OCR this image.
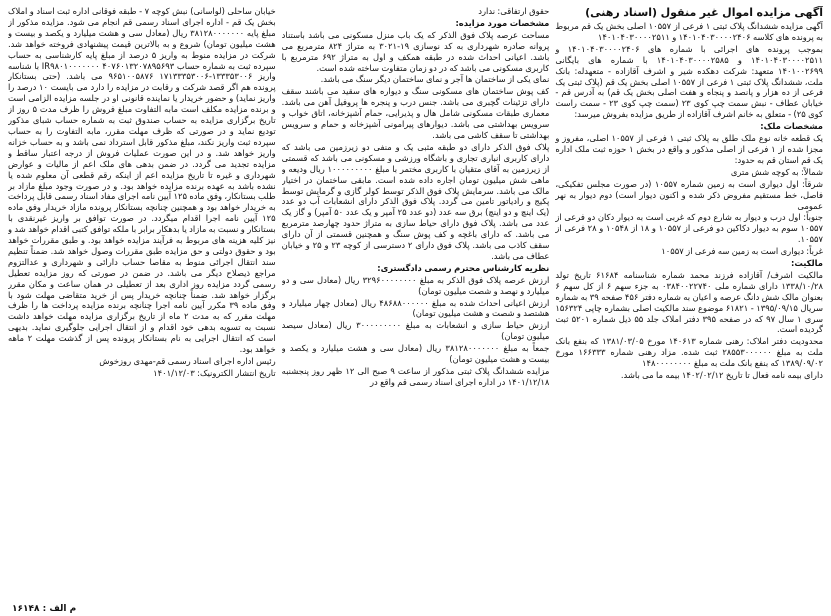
آگهی مزایده اموال غیر منقول (اسناد رهنی)

آگهی مزایده ششدانگ پلاک ثبتی ۱ فرعی از ۱۰۵۵۷ اصلی بخش یک قم مربوط به پرونده های کلاسه ۱۴۰۱۰۴۰۳۰۰۰۰۲۴۰۶ و ۱۴۰۱۰۴۰۳۰۰۰۰۲۵۱۱

بموجب پرونده های اجرائی با شماره های ۱۴۰۱۰۴۰۳۰۰۰۰۲۴۰۶ و ۱۴۰۱۰۴۰۳۰۰۰۰۲۵۱۱ و ۱۴۰۱۰۴۰۳۰۰۰۰۲۵۸۵ با شماره های بایگانی ۱۴۰۱۰۰۲۶۹۹ متعهد: شرکت دهکده شیر و اشرف آقازاده - متعهدله: بانک ملت، ششدانگ پلاک ثبتی ۱ فرعی از ۱۰۵۵۷ اصلی بخش یک قم (پلاک ثبتی یک فرعی از ده هزار و پانصد و پنجاه و هفت اصلی بخش یک قم) به آدرس قم - خیابان عطاف - نبش سمت چپ کوی ۲۳ (سمت چپ کوی ۲۳ - سمت راست کوی ۲۵) - متعلق به خانم اشرف آقازاده از طریق مزایده بفروش میرسد:

مشخصات ملک:

یک قطعه خانه نوع ملک طلق به پلاک ثبتی ۱ فرعی از ۱۰۵۵۷ اصلی، مفروز و مجزا شده از ۱ فرعی از اصلی مذکور و واقع در بخش ۱ حوزه ثبت ملک اداره یک قم استان قم به حدود:

شمالاً: به کوچه شش متری

شرقاً: اول دیواری است به زمین شماره ۱۰۵۵۷ (در صورت مجلس تفکیکی، فاصل، خط مستقیم مفروض ذکر شده و اکنون دیوار است) دوم دیوار به نهر عمومی

جنوباً: اول درب و دیوار به شارع دوم که غربی است به دیوار دکان دو فرعی از ۱۰۵۵۷ سوم به دیوار دکاکین دو فرعی از ۱۰۵۵۷ و ۱۸ از ۱۰۵۴۸ و ۲۸ فرعی از ۱۰۵۵۷.

غرباً: دیواری است به زمین سه فرعی از ۱۰۵۵۷

مالکیت:

مالکیت اشرف/ آقازاده فرزند محمد شماره شناسنامه ۶۱۶۸۴ تاریخ تولد ۱۳۳۸/۱۰/۲۸ دارای شماره ملی ۰۳۸۴۰۰۲۲۷۴۰ به جزء سهم ۶ از کل سهم ۶ بعنوان مالک شش دانگ عرصه و اعیان به شماره دفتر ۴۵۶ صفحه ۳۹ به شماره سریال ۱۳۹۵/۰۹/۱۵ - ۶۱۸۲۱ موضوع سند مالکیت اصلی بشماره چاپی ۱۵۶۳۲۴ سری ۱ سال ۹۷ که در صفحه ۳۹۵ دفتر املاک جلد ۵۵ ذیل شماره ۵۲۰۱ ثبت گردیده است.

محدودیت دفتر املاک: رهنی شماره ۱۴۰۶۱۳ مورخ ۱۳۸۱/۰۳/۰۵ که بنفع بانک ملت به مبلغ ۲۸۵۵۳۰۰۰۰۰۰ ثبت شده. مزاد رهنی شماره ۱۶۶۳۳۳ مورخ ۱۳۸۹/۰۹/۰۲ که بنفع بانک ملت به مبلغ ۱۴۸۰۰۰۰۰۰۰۰

دارای بیمه نامه فعال تا تاریخ ۱۴۰۲/۰۲/۱۲ بیمه ما می باشد.

حقوق ارتفاقی: ندارد

مشخصات مورد مزایده:

مساحت عرصه پلاک فوق الذکر که یک باب منزل مسکونی می باشد باستناد پروانه صادره شهرداری به کد نوسازی ۱۹-۳۰۲۱ به متراژ ۸۲۴ مترمربع می باشد. اعیانی احداث شده در طبقه همکف و اول به متراژ ۶۹۲ مترمربع با کاربری مسکونی می باشد که در دو زمان متفاوت ساخته شده است.

نمای یکی از ساختمان ها آجر و نمای ساختمان دیگر سنگ می باشد.

کف پوش ساختمان های مسکونی سنگ و دیواره های سقید می باشند سقف دارای تزئینات گچبری می باشد. جنس درب و پنجره ها پروفیل آهن می باشد. معماری طبقات مسکونی شامل هال و پذیرایی، حمام آشپزخانه، اتاق خواب و سرویس بهداشتی می باشد. دیوارهای پیرامونی آشپزخانه و حمام و سرویس بهداشتی تا سقف کاشی می باشد.

پلاک فوق الذکر دارای دو طبقه مثبی یک و منفی دو زیرزمین می باشد که دارای کاربری انباری تجاری و باشگاه ورزشی و مسکونی می باشد که قسمتی از زیرزمین به آقای متقیان با کاربری مختمر با مبلغ ۱۰۰۰۰۰۰۰۰۰ ریال ودیعه و ماهی شش میلیون تومان اجاره داده شده است. مابقی ساختمان در اختیار مالک می باشد. سرمایش پلاک فوق الذکر توسط کولر گازی و گرمایش توسط پکیج و رادیاتور تامین می گردد. پلاک فوق الذکر دارای انشعابات آب دو عدد (یک اینچ و دو اینچ) برق سه عدد (دو عدد ۲۵ آمپر و یک عدد ۵۰ آمپر) و گاز یک عدد می باشد. پلاک فوق دارای حیاط سازی به متراژ حدود چهارصد مترمربع می باشد. که دارای باغچه و کف پوش سنگ و همچنین قسمتی از آن دارای سقف کاذب می باشد. پلاک فوق دارای ۲ دسترسی از کوچه ۲۳ و ۲۵ و خیابان عطاف می باشد.

نظریه کارشناس محترم رسمی دادگستری:

ارزش عرصه پلاک فوق الذکر به مبلغ ۳۲۹۶۰۰۰۰۰۰۰۰ ریال (معادل سی و دو میلیارد و نهصد و شصت میلیون تومان)

ارزش اعیانی احداث شده به مبلغ ۴۸۶۸۸۰۰۰۰۰۰ ریال (معادل چهار میلیارد و هشتصد و شصت و هشت میلیون تومان)

ارزش حیاط سازی و انشعابات به مبلغ ۳۰۰۰۰۰۰۰۰۰ ریال (معادل سیصد میلیون تومان)

جمعاً به مبلغ ۳۸۱۲۸۰۰۰۰۰۰۰ ریال (معادل سی و هشت میلیارد و یکصد و بیست و هشت میلیون تومان)

مزایده ششدانگ پلاک ثبتی مذکور از ساعت ۹ صبح الی ۱۲ ظهر روز پنجشنبه ۱۴۰۱/۱۲/۱۸ در اداره اجرای اسناد رسمی قم واقع در

خیابان ساحلی (لواسانی) نبش کوچه ۷ - طبقه فوقانی اداره ثبت اسناد و املاک بخش یک قم - اداره اجرای اسناد رسمی قم انجام می شود. مزایده مذکور از مبلغ پایه ۳۸۱۲۸۰۰۰۰۰۰۰ ریال (معادل سی و هشت میلیارد و یکصد و بیست و هشت میلیون تومان) شروع و به بالاترین قیمت پیشنهادی فروخته خواهد شد. شرکت در مزایده منوط به واریز ۵ درصد از مبلغ پایه کارشناسی به حساب سپرده ثبت به شماره حساب ۴۰۷۶۰۱۳۲۰۷۸۹۵۶۹۳ IR۹۸۰۱۰۰۰۰۰۰۰ با شناسه واریز ۱۳۳۳۵۳۰۰۶-۱۷۱۳۳۳۵۳۰۰۶ ۹۶۵۱۰۰۵۸۷۶ می باشد. (حتی بستانکار پرونده هم اگر قصد شرکت و رقابت در مزایده را دارد می بایست ۱۰ درصد را واریز نماید) و حضور خریدار یا نماینده قانونی او در جلسه مزایده الزامی است و برنده مزایده مکلف است مابه التفاوت مبلغ فروش را ظرف مدت ۵ روز از تاریخ برگزاری مزایده به حساب صندوق ثبت به شماره حساب شبای مذکور تودیع نماید و در صورتی که ظرف مهلت مقرر، مابه التفاوت را به حساب سپرده ثبت واریز نکند، مبلغ مذکور قابل استرداد نمی باشد و به حساب خزانه واریز خواهد شد. و در این صورت عملیات فروش از درجه اعتبار ساقط و مزایده تجدید می گردد. در ضمن بدهی های ملک اعم از مالیات و عوارض شهرداری و غیره تا تاریخ مزایده اعم از اینکه رقم قطعی آن معلوم شده یا نشده باشد به عهده برنده مزایده خواهد بود. و در صورت وجود مبلغ مازاد بر طلب بستانکار، وفق ماده ۱۲۵ آیین نامه اجرای مفاد اسناد رسمی قابل پرداخت به خریدار خواهد بود و همچنین چنانچه بستانکار پرونده مازاد خریدار وفق ماده ۱۲۵ آیین نامه اجرا اقدام میگردد. در صورت توافق بر واریز غیرنقدی با بستانکار و نسبت به مازاد یا بدهکار برابر با ملکه توافق کتبی اقدام خواهد شد و نیز کلیه هزینه های مربوط به فرآیند مزایده خواهد بود. و طبق مقررات خواهد بود و حقوق دولتی و حق مزایده طبق مقررات وصول خواهد شد. ضمناً تنظیم سند انتقال اجرائی منوط به مقاصا حساب دارائی و شهرداری و عدالتزوم مراجع ذیصلاح دیگر می باشد. در ضمن در صورتی که روز مزایده تعطیل رسمی گردد مزایده روز اداری بعد از تعطیلی در همان ساعت و مکان مقرر برگزار خواهد شد. ضمناً چنانچه خریدار پس از خرید متقاضی مهلت شود با وفق ماده ۳۹ مکرر آیین نامه اجرا چنانچه برنده مزایده پرداخت ها را ظرف مهلت مقرر که به مدت ۲ ماه از تاریخ برگزاری مزایده مهلت خواهد داشت نسبت به تسویه بدهی خود اقدام و از انتقال اجرایی جلوگیری نماید. بدیهی است که انتقال اجرایی به نام بستانکار پرونده پس از گذشت مهلت ۲ ماهه خواهد بود.

رئیس اداره اجرای اسناد رسمی قم-مهدی روزخوش

تاریخ انتشار الکترونیک: ۱۴۰۱/۱۲/۰۳

م الف : ۱۶۱۴۸
